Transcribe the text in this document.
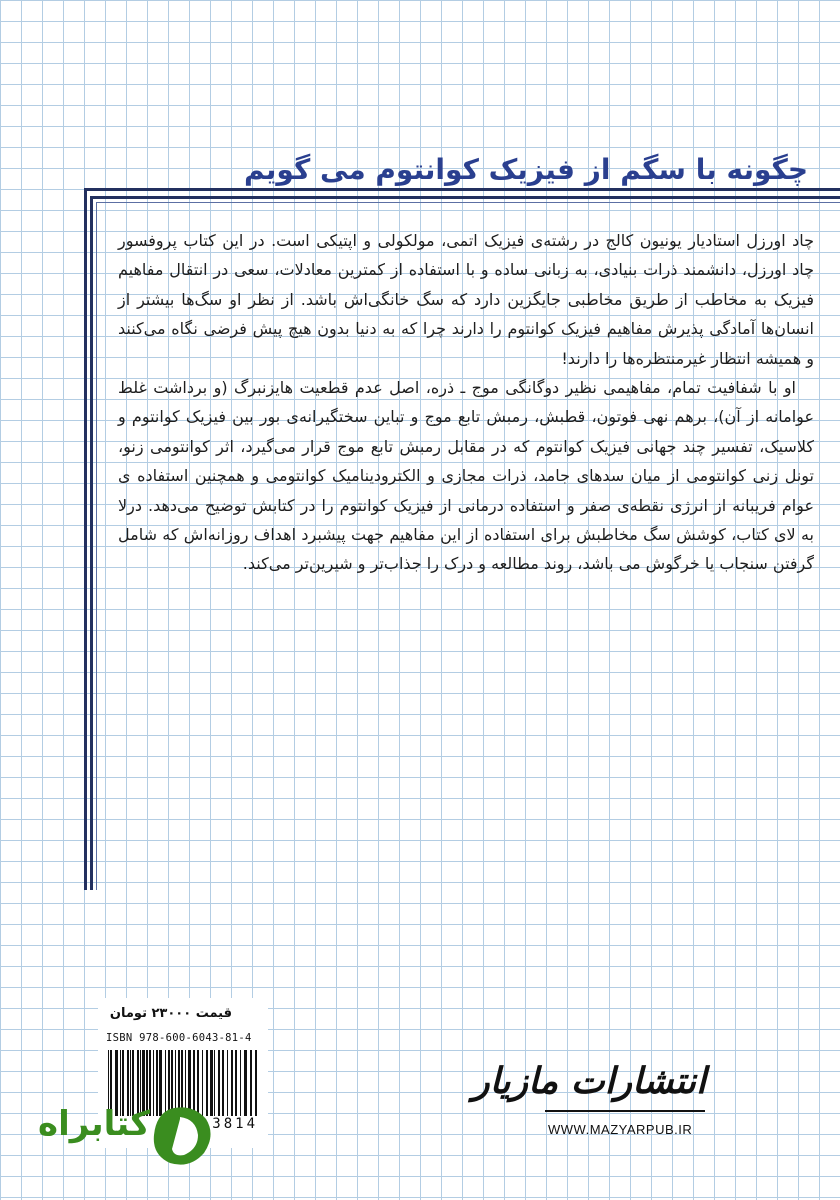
چگونه با سگم از فیزیک کوانتوم می گویم

چاد اورزل استادیار یونیون کالج در رشته‌ی فیزیک اتمی، مولکولی و اپتیکی است. در این کتاب پروفسور چاد اورزل، دانشمند ذرات بنیادی، به زبانی ساده و با استفاده از کمترین معادلات، سعی در انتقال مفاهیم فیزیک به مخاطب از طریق مخاطبی جایگزین دارد که سگ خانگی‌اش باشد. از نظر او سگ‌ها بیشتر از انسان‌ها آمادگی پذیرش مفاهیم فیزیک کوانتوم را دارند چرا که به دنیا بدون هیچ پیش فرضی نگاه می‌کنند و همیشه انتظار غیرمنتظره‌ها را دارند!

او با شفافیت تمام، مفاهیمی نظیر دوگانگی موج ـ ذره، اصل عدم قطعیت هایزنبرگ (و برداشت غلط عوامانه از آن)، برهم نهی فوتون، قطبش، رمبش تابع موج و تباین سختگیرانه‌ی بور بین فیزیک کوانتوم و کلاسیک، تفسیر چند جهانی فیزیک کوانتوم که در مقابل رمبش تابع موج قرار می‌گیرد، اثر کوانتومی زنو، تونل زنی کوانتومی از میان سدهای جامد، ذرات مجازی و الکترودینامیک کوانتومی و همچنین استفاده ی عوام فریبانه از انرژی نقطه‌ی صفر و استفاده درمانی از فیزیک کوانتوم را در کتابش توضیح می‌دهد. درلا به لای کتاب، کوشش سگ مخاطبش برای استفاده از این مفاهیم جهت پیشبرد اهداف روزانه‌اش که شامل گرفتن سنجاب یا خرگوش می باشد، روند مطالعه و درک را جذاب‌تر و شیرین‌تر می‌کند.

قیمت ۲۳۰۰۰ تومان
ISBN 978-600-6043-81-4
3814
کتابراه
انتشارات مازیار
WWW.MAZYARPUB.IR
